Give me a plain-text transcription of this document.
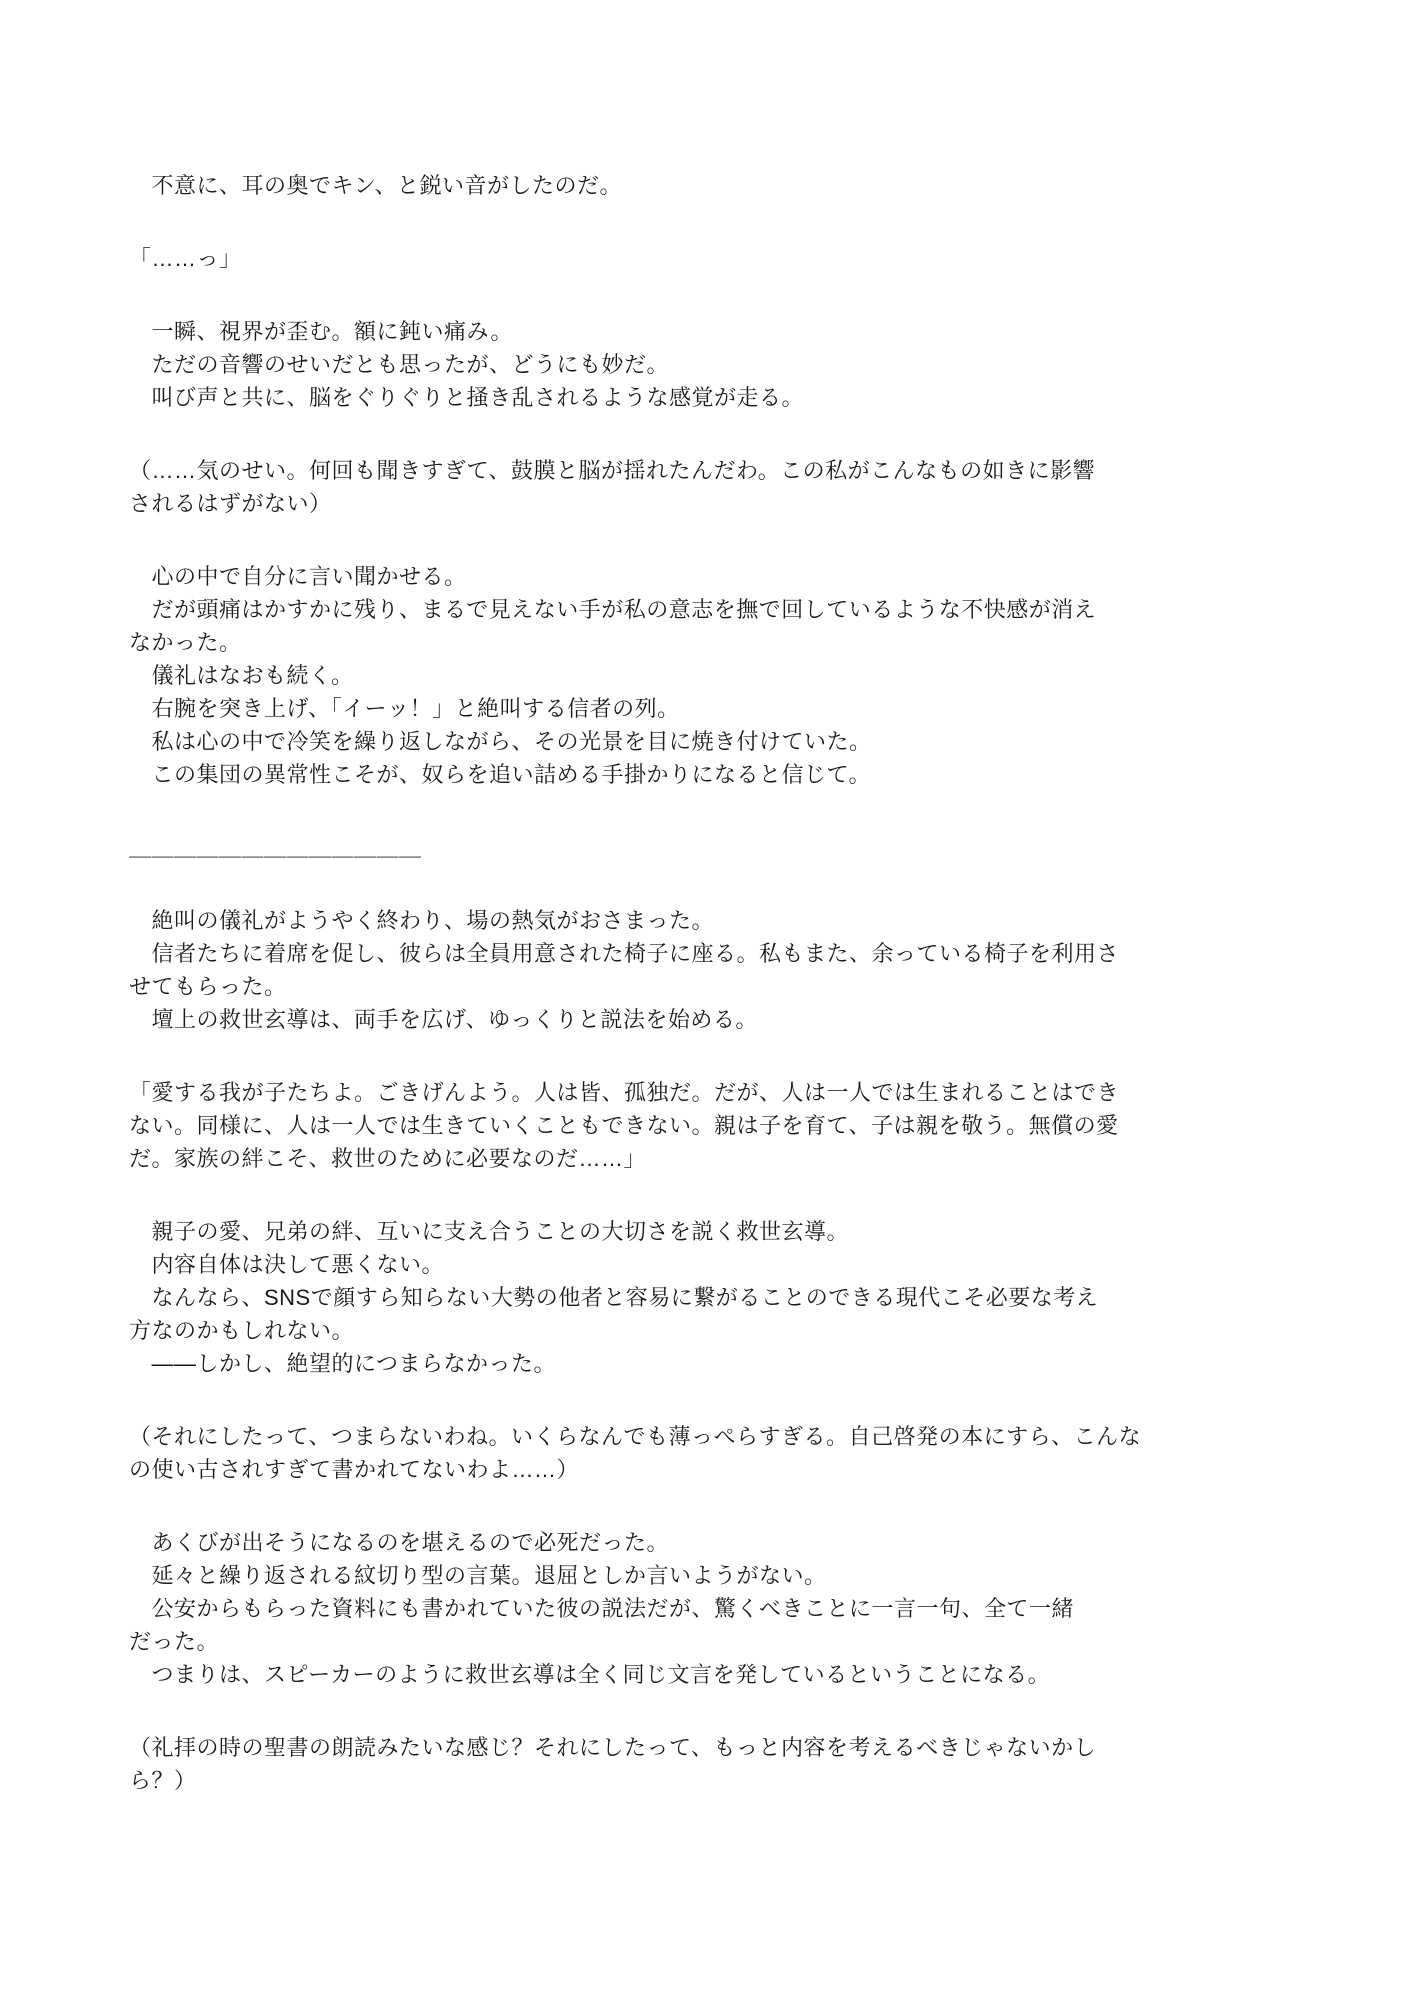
　不意に、耳の奥でキン、と鋭い音がしたのだ。
「……っ」
　一瞬、視界が歪む。額に鈍い痛み。
　ただの音響のせいだとも思ったが、どうにも妙だ。
　叫び声と共に、脳をぐりぐりと掻き乱されるような感覚が走る。
（……気のせい。何回も聞きすぎて、鼓膜と脳が揺れたんだわ。この私がこんなもの如きに影響
されるはずがない）
　心の中で自分に言い聞かせる。
　だが頭痛はかすかに残り、まるで見えない手が私の意志を撫で回しているような不快感が消え
なかった。
　儀礼はなおも続く。
　右腕を突き上げ、「イーッ！」と絶叫する信者の列。
　私は心の中で冷笑を繰り返しながら、その光景を目に焼き付けていた。
　この集団の異常性こそが、奴らを追い詰める手掛かりになると信じて。
＿＿＿＿＿＿＿＿＿＿＿＿＿
　絶叫の儀礼がようやく終わり、場の熱気がおさまった。
　信者たちに着席を促し、彼らは全員用意された椅子に座る。私もまた、余っている椅子を利用さ
せてもらった。
　壇上の救世玄導は、両手を広げ、ゆっくりと説法を始める。
「愛する我が子たちよ。ごきげんよう。人は皆、孤独だ。だが、人は一人では生まれることはでき
ない。同様に、人は一人では生きていくこともできない。親は子を育て、子は親を敬う。無償の愛
だ。家族の絆こそ、救世のために必要なのだ……」
　親子の愛、兄弟の絆、互いに支え合うことの大切さを説く救世玄導。
　内容自体は決して悪くない。
　なんなら、SNSで顔すら知らない大勢の他者と容易に繋がることのできる現代こそ必要な考え
方なのかもしれない。
　――しかし、絶望的につまらなかった。
（それにしたって、つまらないわね。いくらなんでも薄っぺらすぎる。自己啓発の本にすら、こんな
の使い古されすぎて書かれてないわよ……）
　あくびが出そうになるのを堪えるので必死だった。
　延々と繰り返される紋切り型の言葉。退屈としか言いようがない。
　公安からもらった資料にも書かれていた彼の説法だが、驚くべきことに一言一句、全て一緒
だった。
　つまりは、スピーカーのように救世玄導は全く同じ文言を発しているということになる。
（礼拝の時の聖書の朗読みたいな感じ？それにしたって、もっと内容を考えるべきじゃないかし
ら？）
